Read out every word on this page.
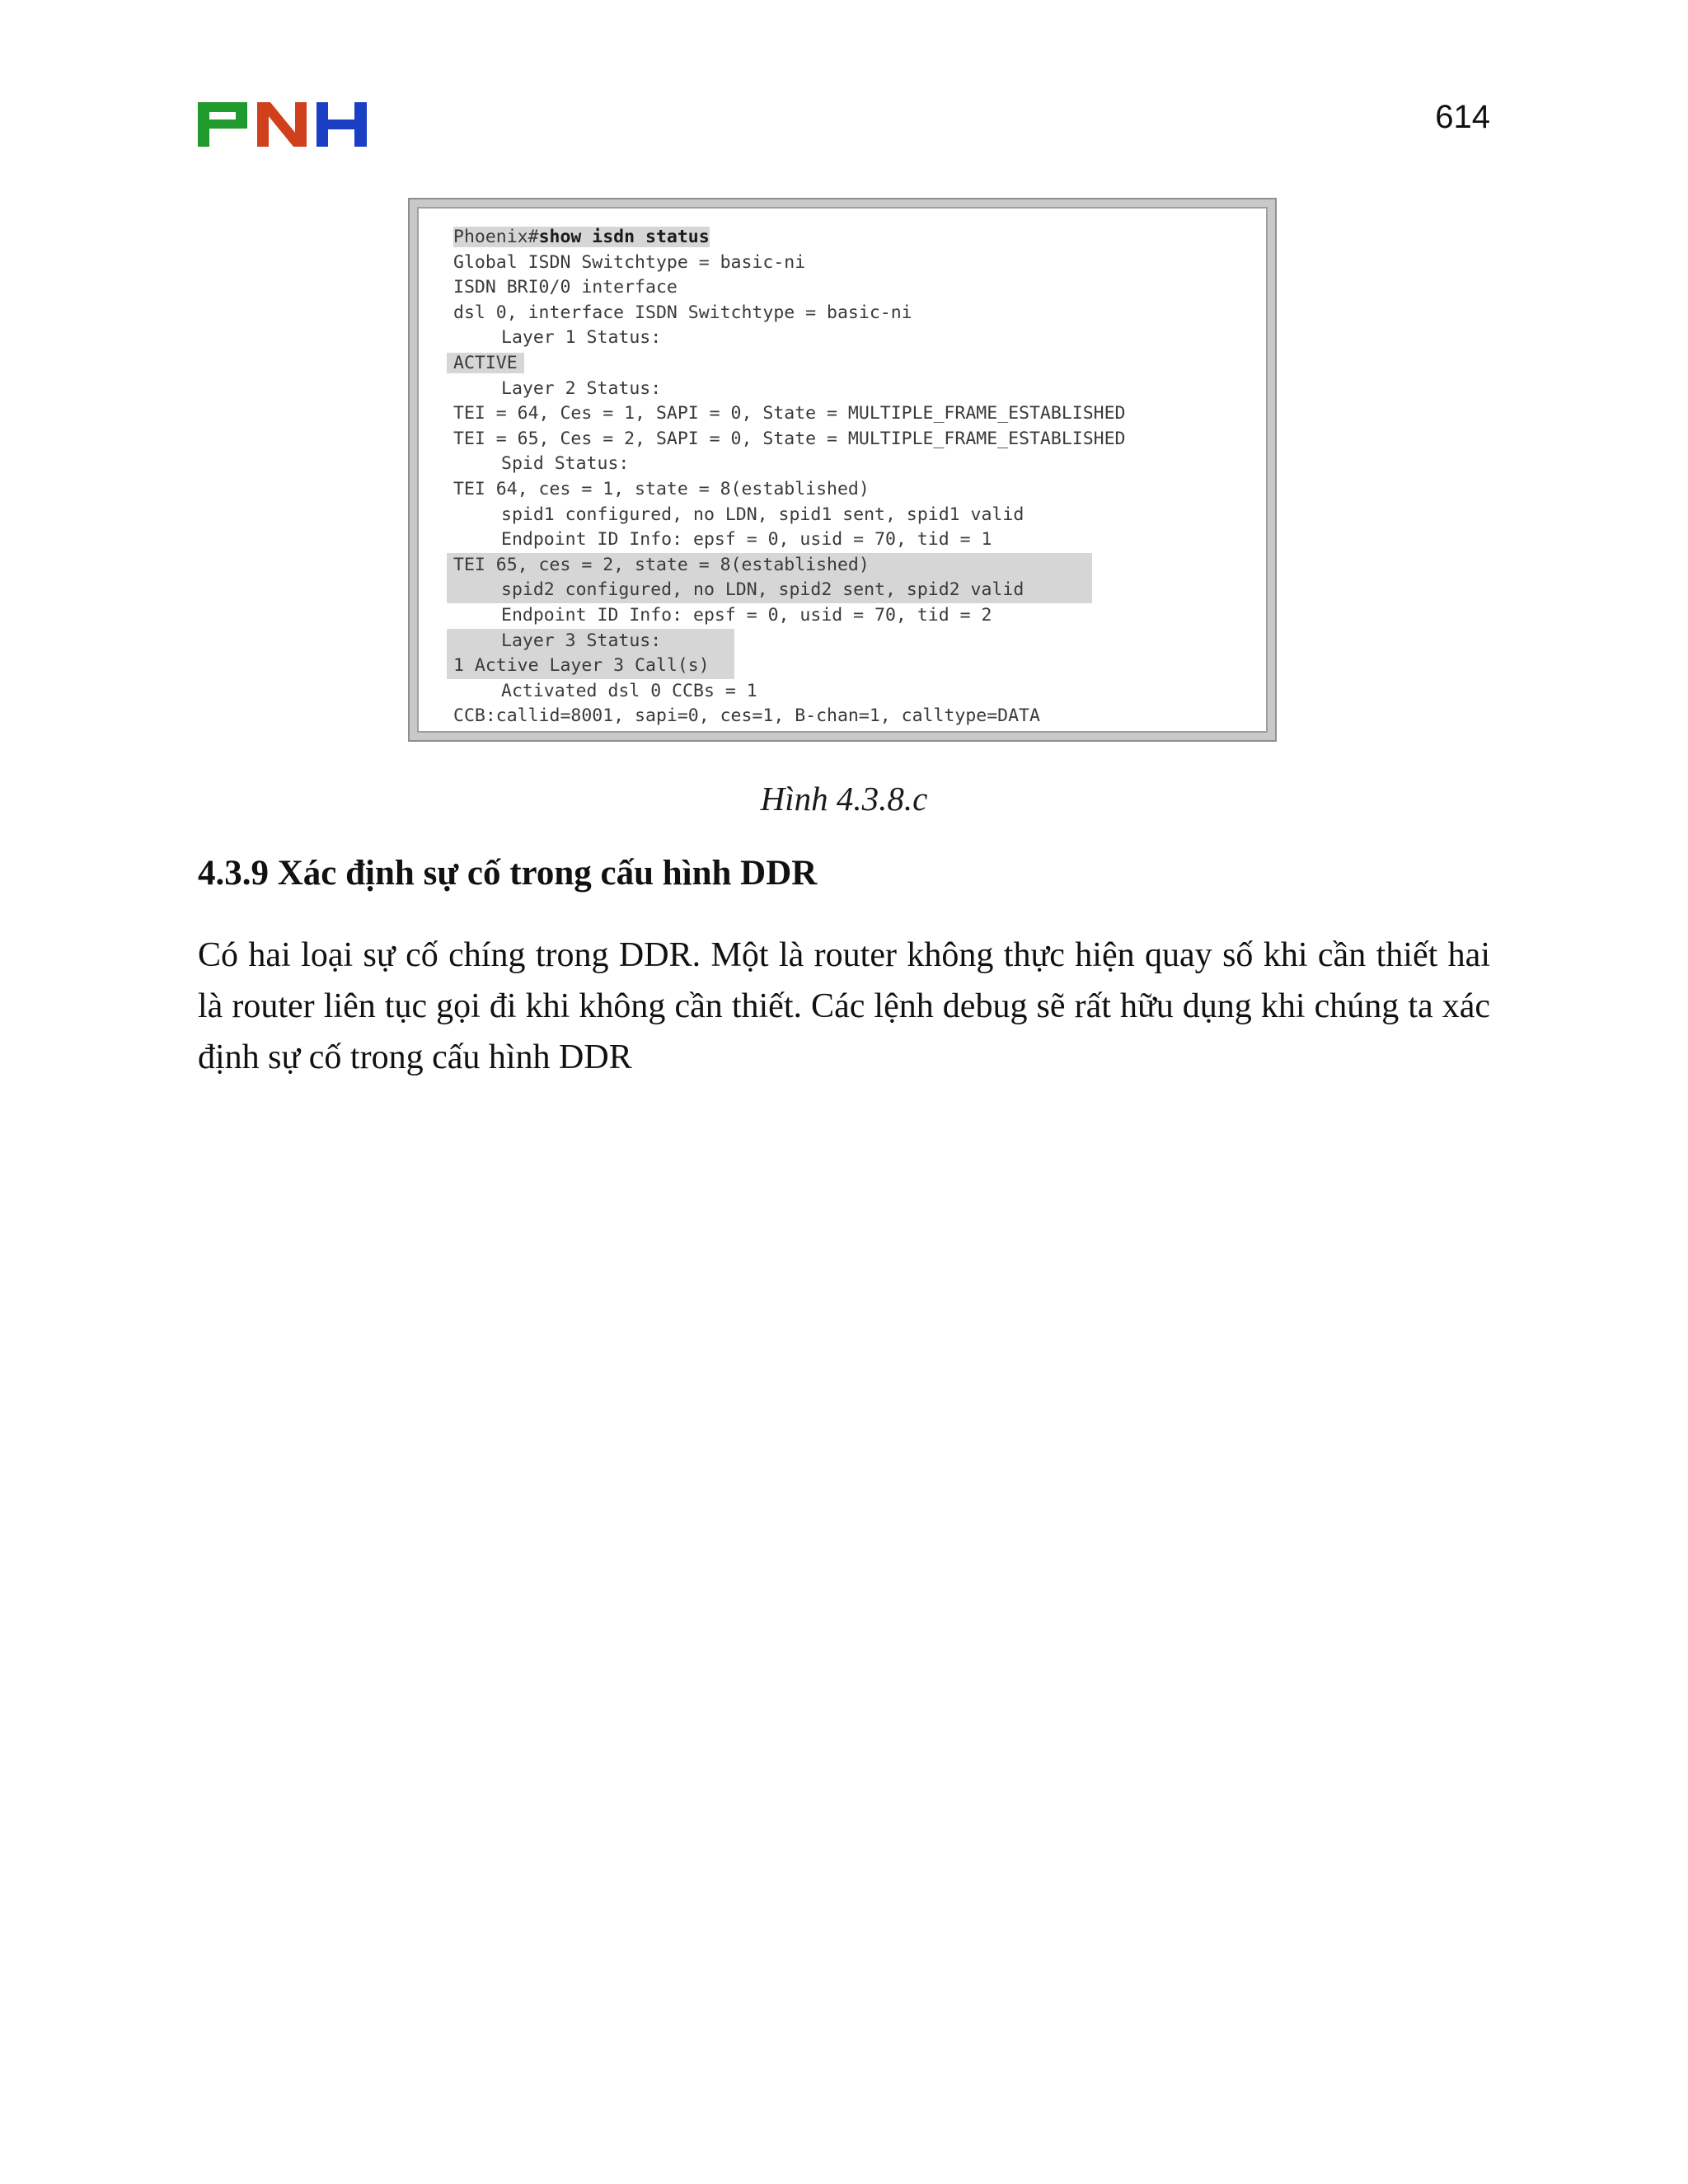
614
Phoenix#show isdn status
Global ISDN Switchtype = basic-ni
ISDN BRI0/0 interface
dsl 0, interface ISDN Switchtype = basic-ni
Layer 1 Status:
ACTIVE
Layer 2 Status:
TEI = 64, Ces = 1, SAPI = 0, State = MULTIPLE_FRAME_ESTABLISHED
TEI = 65, Ces = 2, SAPI = 0, State = MULTIPLE_FRAME_ESTABLISHED
Spid Status:
TEI 64, ces = 1, state = 8(established)
spid1 configured, no LDN, spid1 sent, spid1 valid
Endpoint ID Info: epsf = 0, usid = 70, tid = 1
TEI 65, ces = 2, state = 8(established)
spid2 configured, no LDN, spid2 sent, spid2 valid
Endpoint ID Info: epsf = 0, usid = 70, tid = 2
Layer 3 Status:
1 Active Layer 3 Call(s)
Activated dsl 0 CCBs = 1
CCB:callid=8001, sapi=0, ces=1, B-chan=1, calltype=DATA
Hình 4.3.8.c
4.3.9 Xác định sự cố trong cấu hình DDR

Có hai loại sự cố chíng trong DDR. Một là router không thực hiện quay số khi cần thiết hai là router liên tục gọi đi khi không cần thiết. Các lệnh debug sẽ rất hữu dụng khi chúng ta xác định sự cố trong cấu hình DDR
